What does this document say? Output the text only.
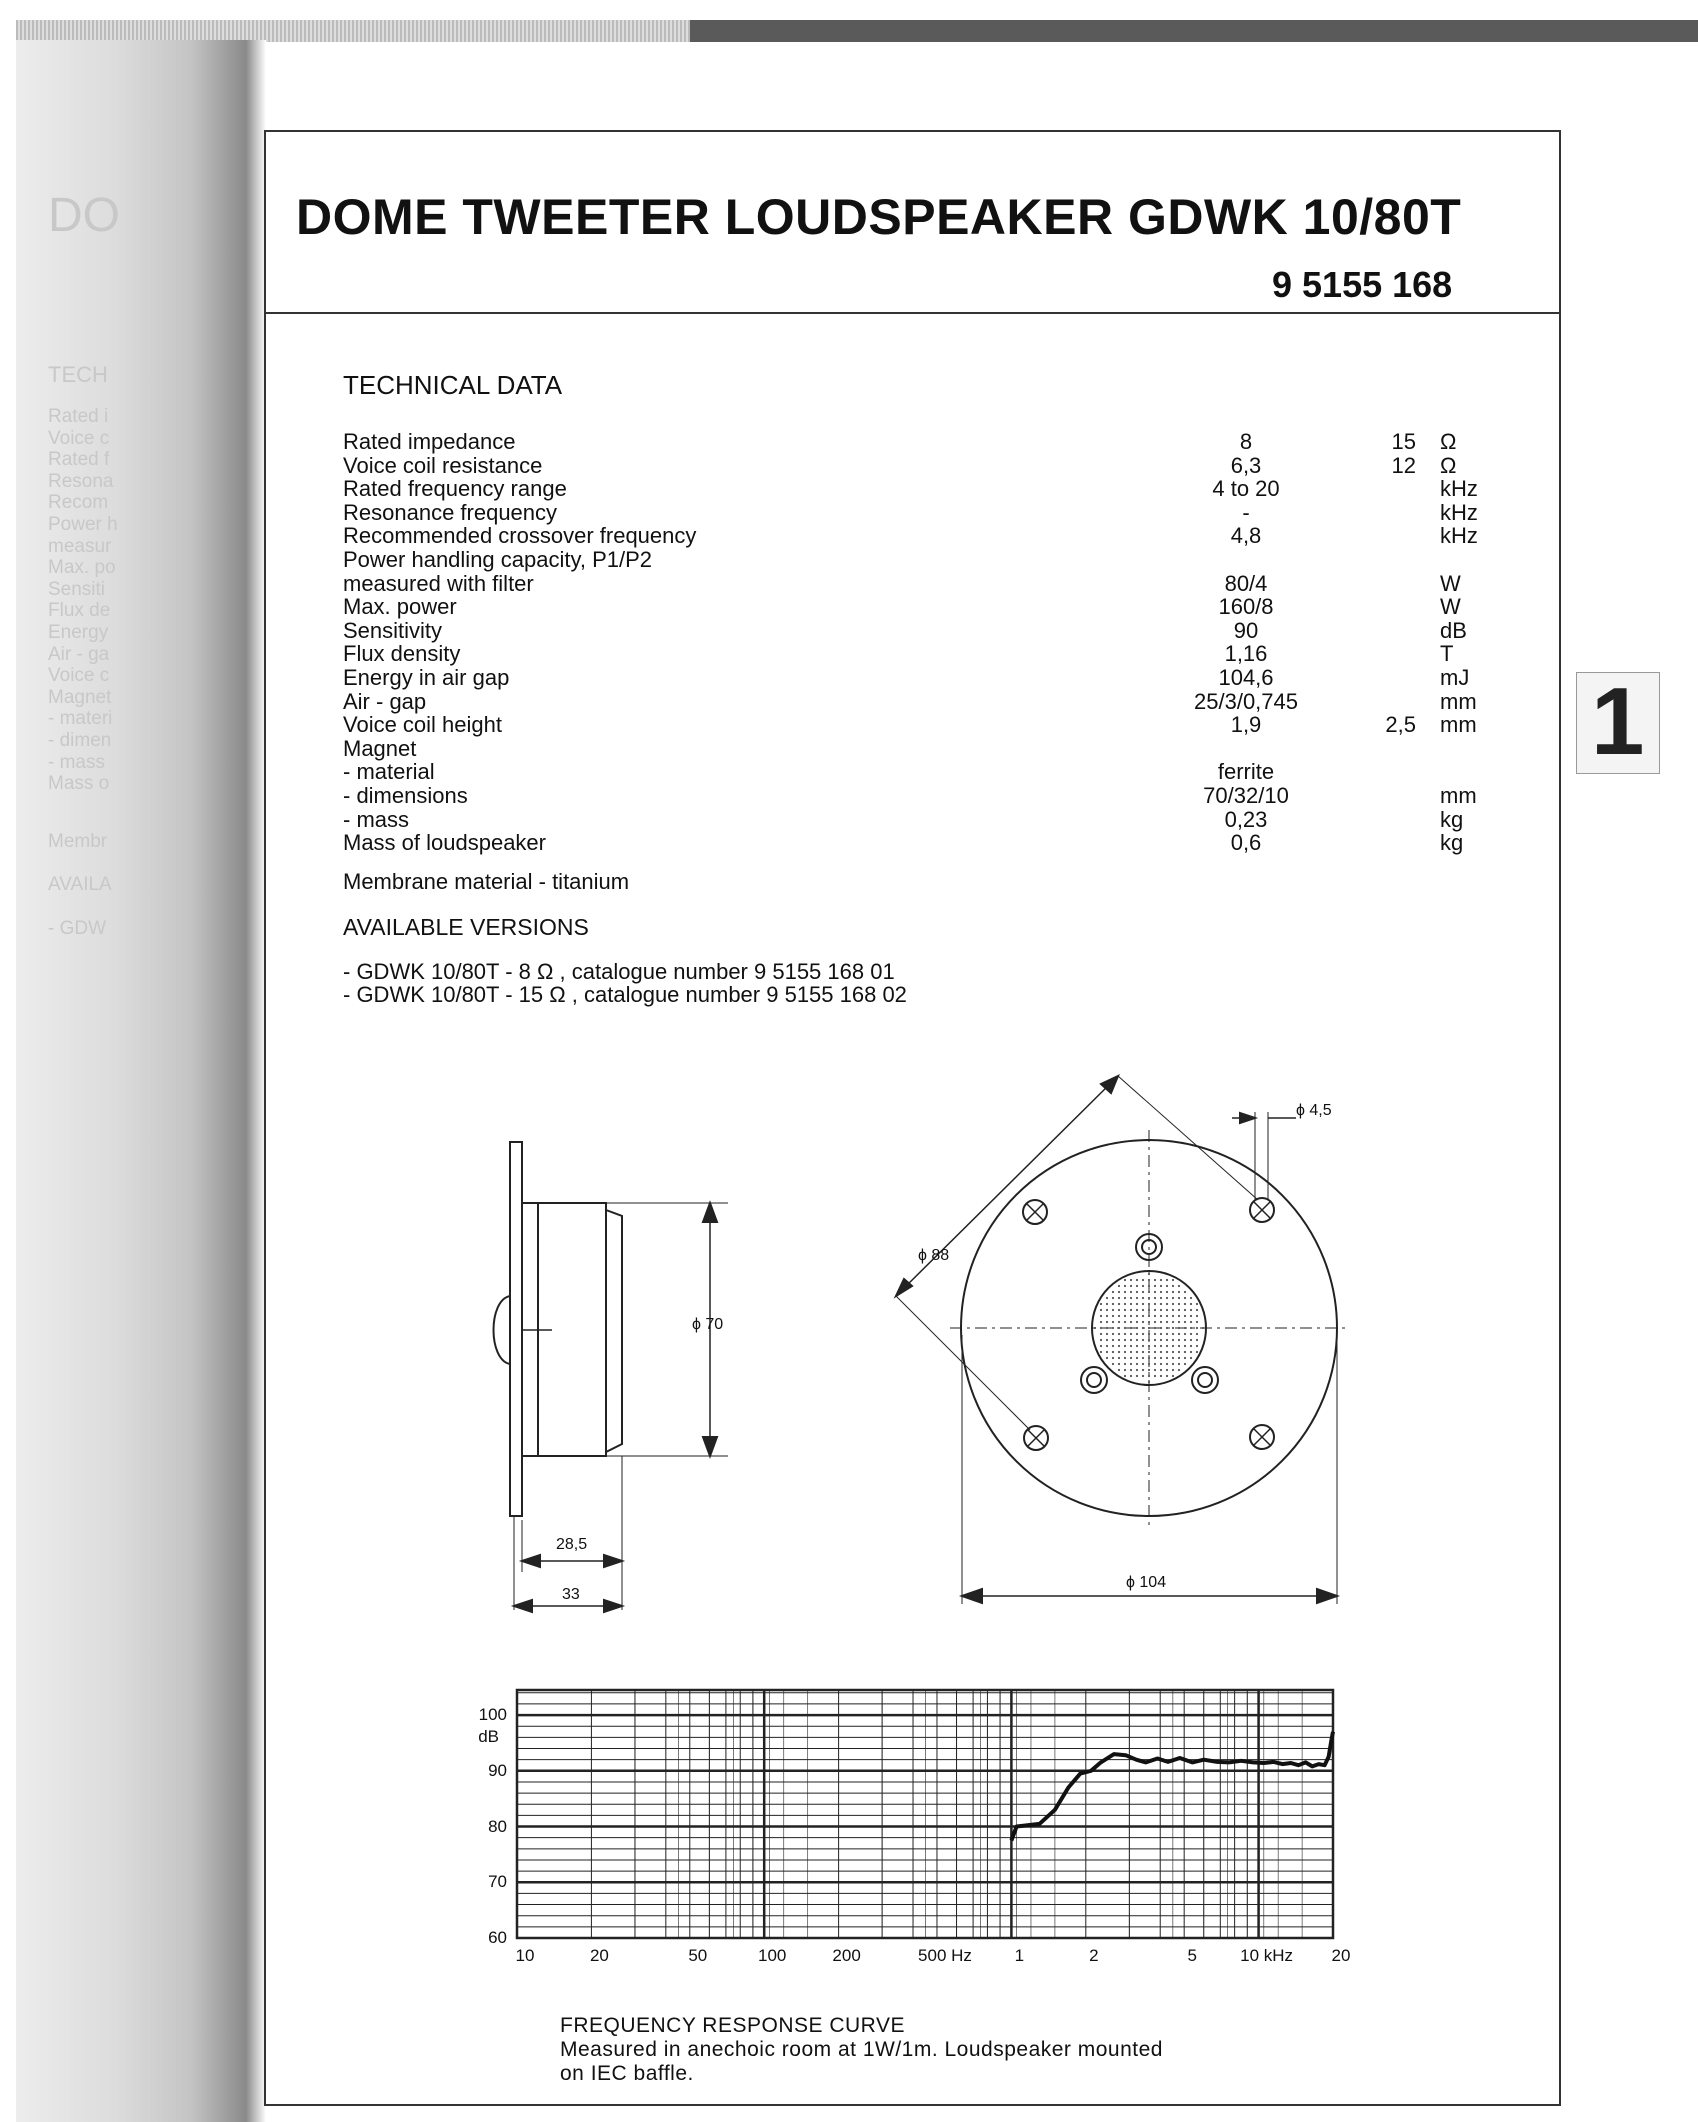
DO
TECH
Rated i
Voice c
Rated f
Resona
Recom
Power h
measur
Max. po
Sensiti
Flux de
Energy
Air - ga
Voice c
Magnet
- materi
- dimen
- mass
Mass o
Membr
AVAILA
- GDW
DOME TWEETER LOUDSPEAKER GDWK 10/80T
9 5155 168
TECHNICAL DATA
Rated impedance	8	15 Ω
Voice coil resistance	6,3	12 Ω
Rated frequency range	4 to 20	kHz
Resonance frequency	-	kHz
Recommended crossover frequency	4,8	kHz
Power handling capacity, P1/P2
measured with filter	80/4	W
Max. power	160/8	W
Sensitivity	90	dB
Flux density	1,16	T
Energy in air gap	104,6	mJ
Air - gap	25/3/0,745	mm
Voice coil height	1,9	2,5 mm
Magnet
- material	ferrite
- dimensions	70/32/10	mm
- mass	0,23	kg
Mass of loudspeaker	0,6	kg
Membrane material - titanium
AVAILABLE VERSIONS
- GDWK 10/80T - 8 Ω , catalogue number 9 5155 168 01
- GDWK 10/80T - 15 Ω , catalogue number 9 5155 168 02
1
ϕ 70
28,5
33
ϕ 88
ϕ 104
ϕ 4,5
10	20	50	100	200	500 Hz	1	2	5	10 kHz 20
60
70
80
90
100
dB
FREQUENCY RESPONSE CURVE
Measured in anechoic room at 1W/1m. Loudspeaker mounted
on IEC baffle.
